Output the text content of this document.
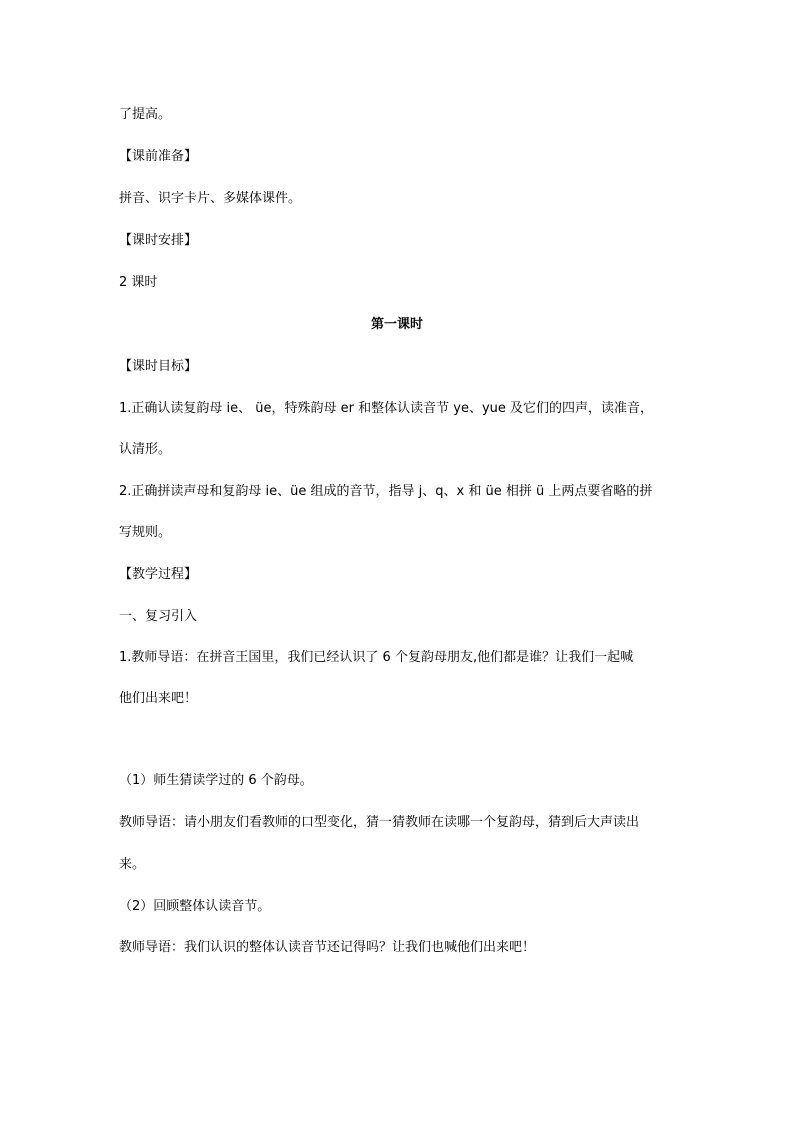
了提高。
【课前准备】
拼音、识字卡片、多媒体课件。
【课时安排】
2 课时
第一课时
【课时目标】
1.正确认读复韵母 ie、 üe，特殊韵母 er 和整体认读音节 ye、yue 及它们的四声，读准音，
认清形。
2.正确拼读声母和复韵母 ie、üe 组成的音节，指导 j、q、x 和 üe 相拼 ü 上两点要省略的拼
写规则。
【教学过程】
一、复习引入
1.教师导语：在拼音王国里，我们已经认识了 6 个复韵母朋友,他们都是谁？让我们一起喊
他们出来吧！
（1）师生猜读学过的 6 个韵母。
教师导语：请小朋友们看教师的口型变化，猜一猜教师在读哪一个复韵母，猜到后大声读出
来。
（2）回顾整体认读音节。
教师导语：我们认识的整体认读音节还记得吗？让我们也喊他们出来吧！
